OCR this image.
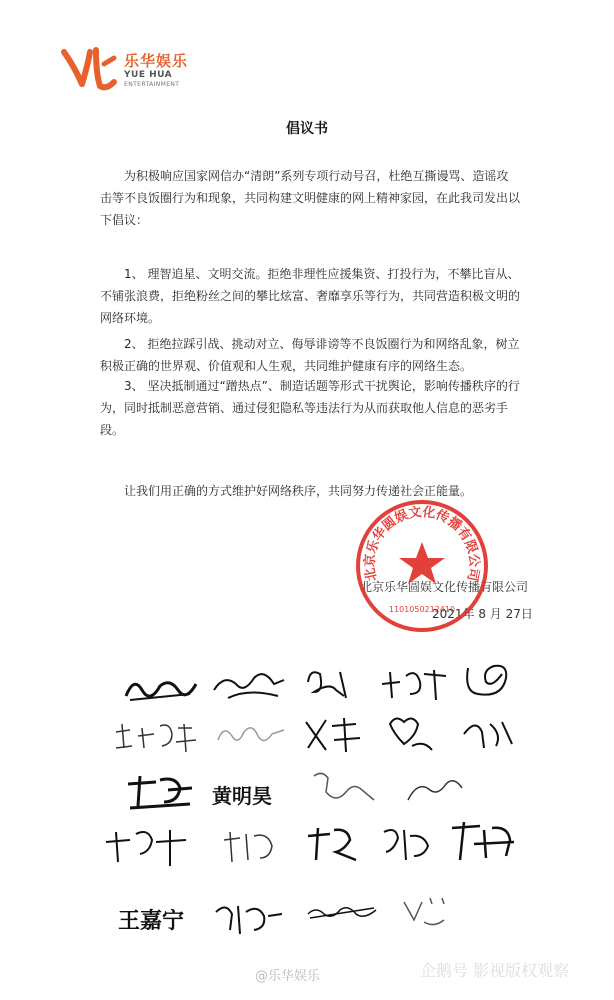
乐华娱乐
YUE HUA
ENTERTAINMENT
倡议书

为积极响应国家网信办“清朗”系列专项行动号召，杜绝互撕谩骂、造谣攻击等不良饭圈行为和现象，共同构建文明健康的网上精神家园，在此我司发出以下倡议：

1、 理智追星、文明交流。拒绝非理性应援集资、打投行为，不攀比盲从、不铺张浪费，拒绝粉丝之间的攀比炫富、奢靡享乐等行为，共同营造积极文明的网络环境。

2、 拒绝拉踩引战、挑动对立、侮辱诽谤等不良饭圈行为和网络乱象，树立积极正确的世界观、价值观和人生观，共同维护健康有序的网络生态。

3、 坚决抵制通过“蹭热点”、制造话题等形式干扰舆论，影响传播秩序的行为，同时抵制恶意营销、通过侵犯隐私等违法行为从而获取他人信息的恶劣手段。

让我们用正确的方式维护好网络秩序，共同努力传递社会正能量。

北京乐华圆娱文化传播有限公司
2021年 8 月 27日
北京乐华圆娱文化传播有限公司
1101050212410
黄明昊
王嘉宁
@乐华娱乐	企鹅号 影视版权观察
